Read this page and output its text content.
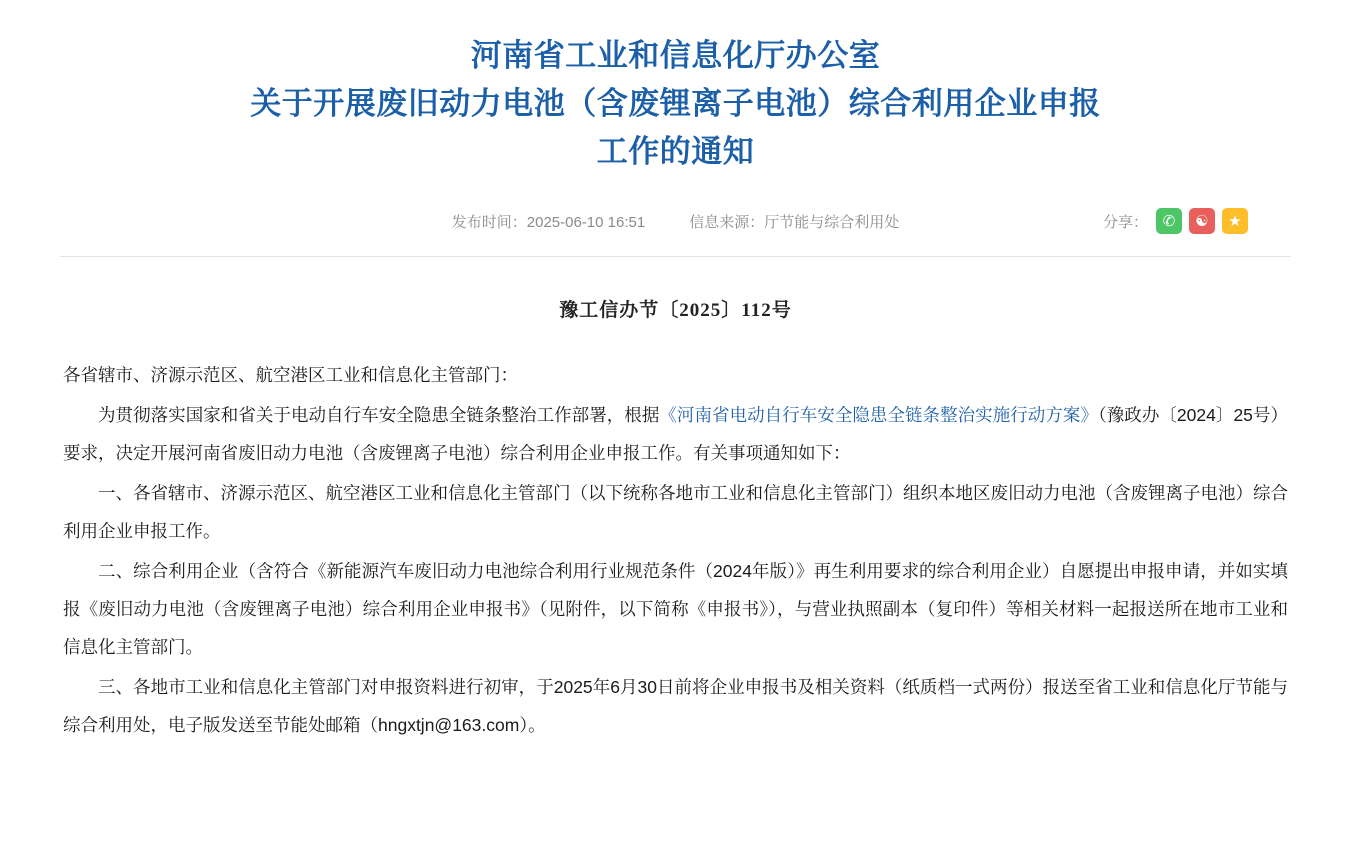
河南省工业和信息化厅办公室
关于开展废旧动力电池（含废锂离子电池）综合利用企业申报
工作的通知
发布时间：2025-06-10 16:51	信息来源：厅节能与综合利用处	分享： ✆	☯	★
豫工信办节〔2025〕112号
各省辖市、济源示范区、航空港区工业和信息化主管部门：
为贯彻落实国家和省关于电动自行车安全隐患全链条整治工作部署，根据《河南省电动自行车安全隐患全链条整治实施行动方案》（豫政办〔2024〕25号）要求，决定开展河南省废旧动力电池（含废锂离子电池）综合利用企业申报工作。有关事项通知如下：
一、各省辖市、济源示范区、航空港区工业和信息化主管部门（以下统称各地市工业和信息化主管部门）组织本地区废旧动力电池（含废锂离子电池）综合利用企业申报工作。
二、综合利用企业（含符合《新能源汽车废旧动力电池综合利用行业规范条件（2024年版）》再生利用要求的综合利用企业）自愿提出申报申请，并如实填报《废旧动力电池（含废锂离子电池）综合利用企业申报书》（见附件，以下简称《申报书》），与营业执照副本（复印件）等相关材料一起报送所在地市工业和信息化主管部门。
三、各地市工业和信息化主管部门对申报资料进行初审，于2025年6月30日前将企业申报书及相关资料（纸质档一式两份）报送至省工业和信息化厅节能与综合利用处，电子版发送至节能处邮箱（hngxtjn@163.com）。
